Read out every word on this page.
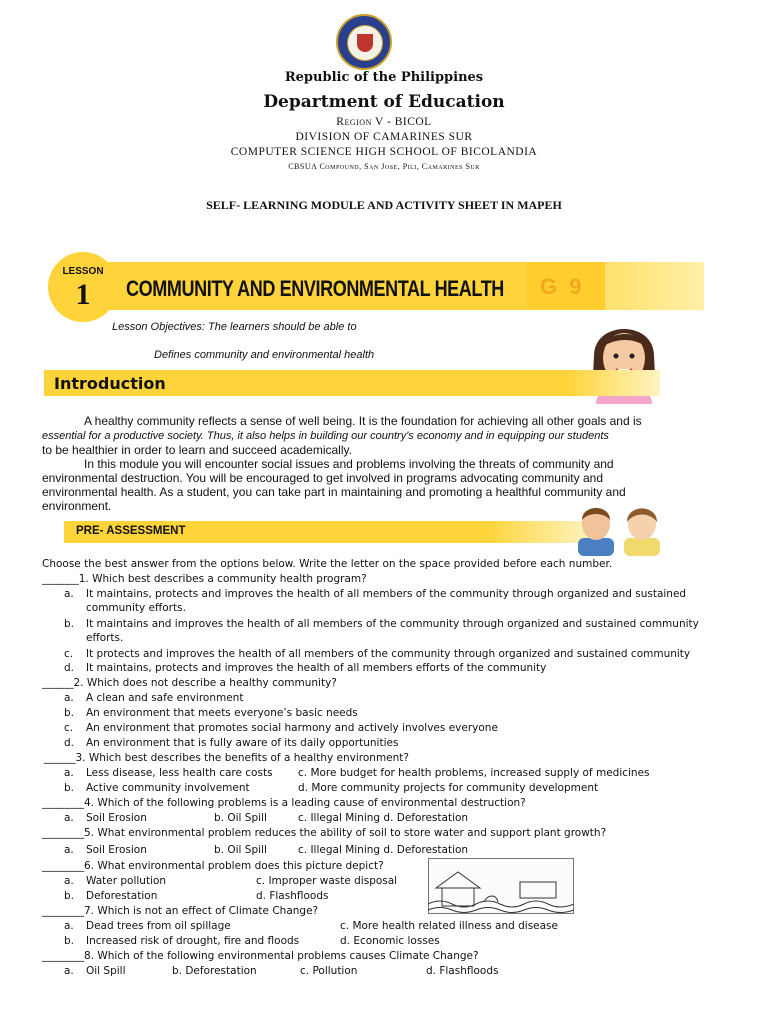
Republic of the Philippines
Department of Education
Region V - BICOL
DIVISION OF CAMARINES SUR
COMPUTER SCIENCE HIGH SCHOOL OF BICOLANDIA
CBSUA Compound, San Jose, Pili, Camarines Sur
SELF- LEARNING MODULE AND ACTIVITY SHEET IN MAPEH
G 9
LESSON
1	COMMUNITY AND ENVIRONMENTAL HEALTH
Lesson Objectives: The learners should be able to
Defines community and environmental health
Introduction
A healthy community reflects a sense of well being. It is the foundation for achieving all other goals and is
essential for a productive society. Thus, it also helps in building our country's economy and in equipping our students
to be healthier in order to learn and succeed academically.
In this module you will encounter social issues and problems involving the threats of community and
environmental destruction. You will be encouraged to get involved in programs advocating community and
environmental health. As a student, you can take part in maintaining and promoting a healthful community and
environment.
PRE- ASSESSMENT
Choose the best answer from the options below. Write the letter on the space provided before each number.
_______1. Which best describes a community health program?
a. It maintains, protects and improves the health of all members of the community through organized and sustained
community efforts.
b. It maintains and improves the health of all members of the community through organized and sustained community
efforts.
c. It protects and improves the health of all members of the community through organized and sustained community
d. It maintains, protects and improves the health of all members efforts of the community
______2. Which does not describe a healthy community?
a. A clean and safe environment
b. An environment that meets everyone’s basic needs
c. An environment that promotes social harmony and actively involves everyone
d. An environment that is fully aware of its daily opportunities
______3. Which best describes the benefits of a healthy environment?
a. Less disease, less health care costs c. More budget for health problems, increased supply of medicines
b. Active community involvement	d. More community projects for community development
________4. Which of the following problems is a leading cause of environmental destruction?
a. Soil Erosion	b. Oil Spill	c. Illegal Mining d. Deforestation
________5. What environmental problem reduces the ability of soil to store water and support plant growth?
a. Soil Erosion	b. Oil Spill	c. Illegal Mining d. Deforestation
________6. What environmental problem does this picture depict?
a. Water pollution	c. Improper waste disposal
b. Deforestation	d. Flashfloods
________7. Which is not an effect of Climate Change?
a. Dead trees from oil spillage	c. More health related illness and disease
b. Increased risk of drought, fire and floods	d. Economic losses
________8. Which of the following environmental problems causes Climate Change?
a. Oil Spill	b. Deforestation	c. Pollution	d. Flashfloods
